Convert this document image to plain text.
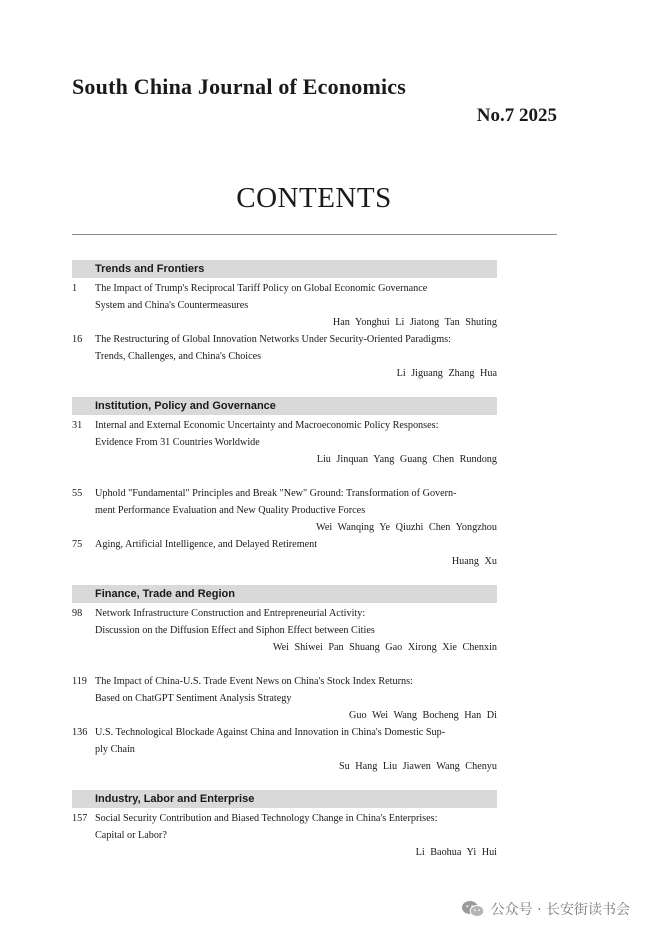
South China Journal of Economics
No.7 2025
CONTENTS
Trends and Frontiers
1	The Impact of Trump's Reciprocal Tariff Policy on Global Economic Governance
System and China's Countermeasures
Han Yonghui Li Jiatong Tan Shuting
16	The Restructuring of Global Innovation Networks Under Security-Oriented Paradigms:
Trends, Challenges, and China's Choices
Li Jiguang Zhang Hua
Institution, Policy and Governance
31	Internal and External Economic Uncertainty and Macroeconomic Policy Responses:
Evidence From 31 Countries Worldwide
Liu Jinquan Yang Guang Chen Rundong
55	Uphold "Fundamental" Principles and Break "New" Ground: Transformation of Govern-
ment Performance Evaluation and New Quality Productive Forces
Wei Wanqing Ye Qiuzhi Chen Yongzhou
75	Aging, Artificial Intelligence, and Delayed Retirement
Huang Xu
Finance, Trade and Region
98	Network Infrastructure Construction and Entrepreneurial Activity:
Discussion on the Diffusion Effect and Siphon Effect between Cities
Wei Shiwei Pan Shuang Gao Xirong Xie Chenxin
119 The Impact of China-U.S. Trade Event News on China's Stock Index Returns:
Based on ChatGPT Sentiment Analysis Strategy
Guo Wei Wang Bocheng Han Di
136 U.S. Technological Blockade Against China and Innovation in China's Domestic Sup-
ply Chain
Su Hang Liu Jiawen Wang Chenyu
Industry, Labor and Enterprise
157 Social Security Contribution and Biased Technology Change in China's Enterprises:
Capital or Labor?
Li Baohua Yi Hui
公众号 · 长安街读书会
